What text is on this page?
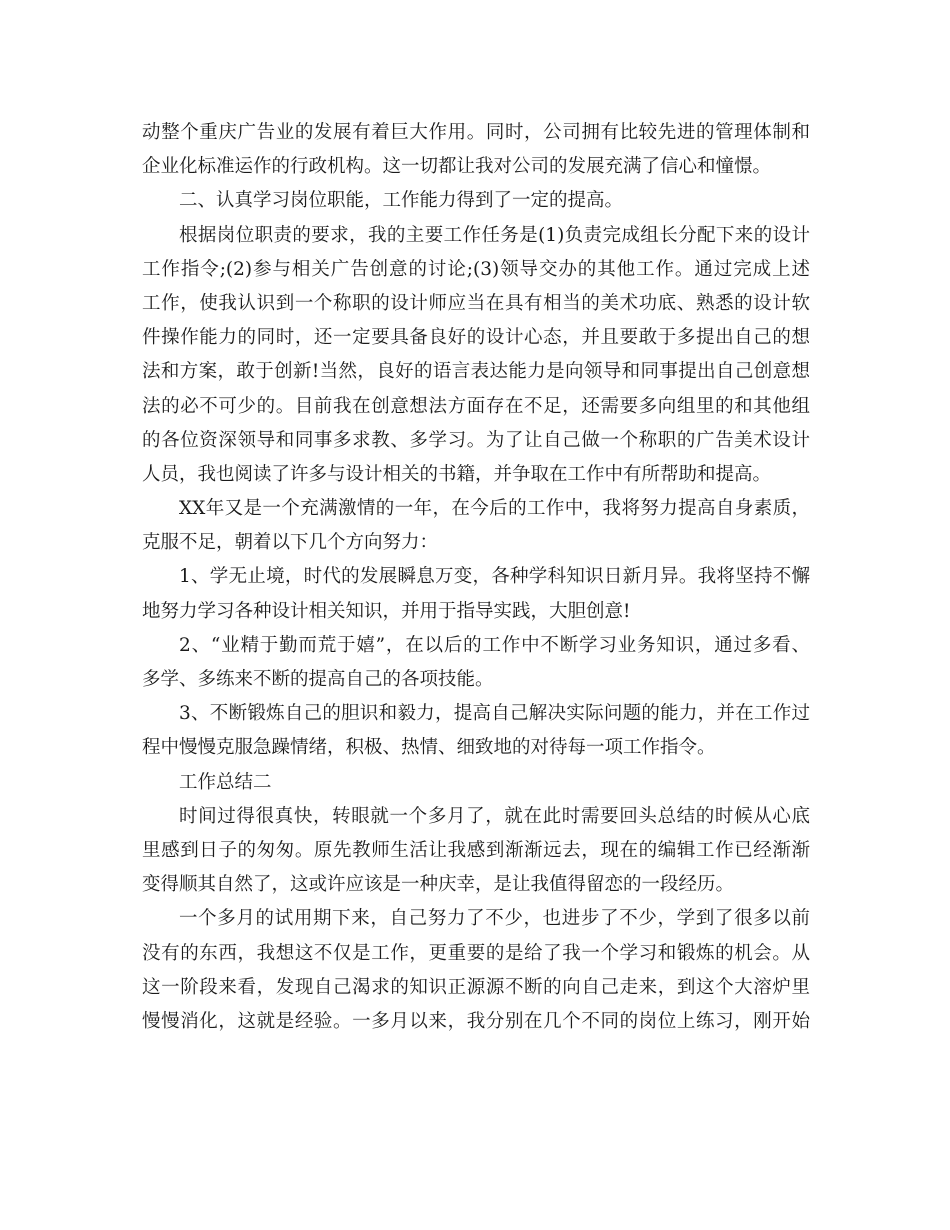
动整个重庆广告业的发展有着巨大作用。同时，公司拥有比较先进的管理体制和
企业化标准运作的行政机构。这一切都让我对公司的发展充满了信心和憧憬。
二、认真学习岗位职能，工作能力得到了一定的提高。
根据岗位职责的要求，我的主要工作任务是(1)负责完成组长分配下来的设计
工作指令;(2)参与相关广告创意的讨论;(3)领导交办的其他工作。通过完成上述
工作，使我认识到一个称职的设计师应当在具有相当的美术功底、熟悉的设计软
件操作能力的同时，还一定要具备良好的设计心态，并且要敢于多提出自己的想
法和方案，敢于创新!当然，良好的语言表达能力是向领导和同事提出自己创意想
法的必不可少的。目前我在创意想法方面存在不足，还需要多向组里的和其他组
的各位资深领导和同事多求教、多学习。为了让自己做一个称职的广告美术设计
人员，我也阅读了许多与设计相关的书籍，并争取在工作中有所帮助和提高。
XX年又是一个充满激情的一年，在今后的工作中，我将努力提高自身素质，
克服不足，朝着以下几个方向努力：
1、学无止境，时代的发展瞬息万变，各种学科知识日新月异。我将坚持不懈
地努力学习各种设计相关知识，并用于指导实践，大胆创意!
2、“业精于勤而荒于嬉”，在以后的工作中不断学习业务知识，通过多看、
多学、多练来不断的提高自己的各项技能。
3、不断锻炼自己的胆识和毅力，提高自己解决实际问题的能力，并在工作过
程中慢慢克服急躁情绪，积极、热情、细致地的对待每一项工作指令。
工作总结二
时间过得很真快，转眼就一个多月了，就在此时需要回头总结的时候从心底
里感到日子的匆匆。原先教师生活让我感到渐渐远去，现在的编辑工作已经渐渐
变得顺其自然了，这或许应该是一种庆幸，是让我值得留恋的一段经历。
一个多月的试用期下来，自己努力了不少，也进步了不少，学到了很多以前
没有的东西，我想这不仅是工作，更重要的是给了我一个学习和锻炼的机会。从
这一阶段来看，发现自己渴求的知识正源源不断的向自己走来，到这个大溶炉里
慢慢消化，这就是经验。一多月以来，我分别在几个不同的岗位上练习，刚开始
